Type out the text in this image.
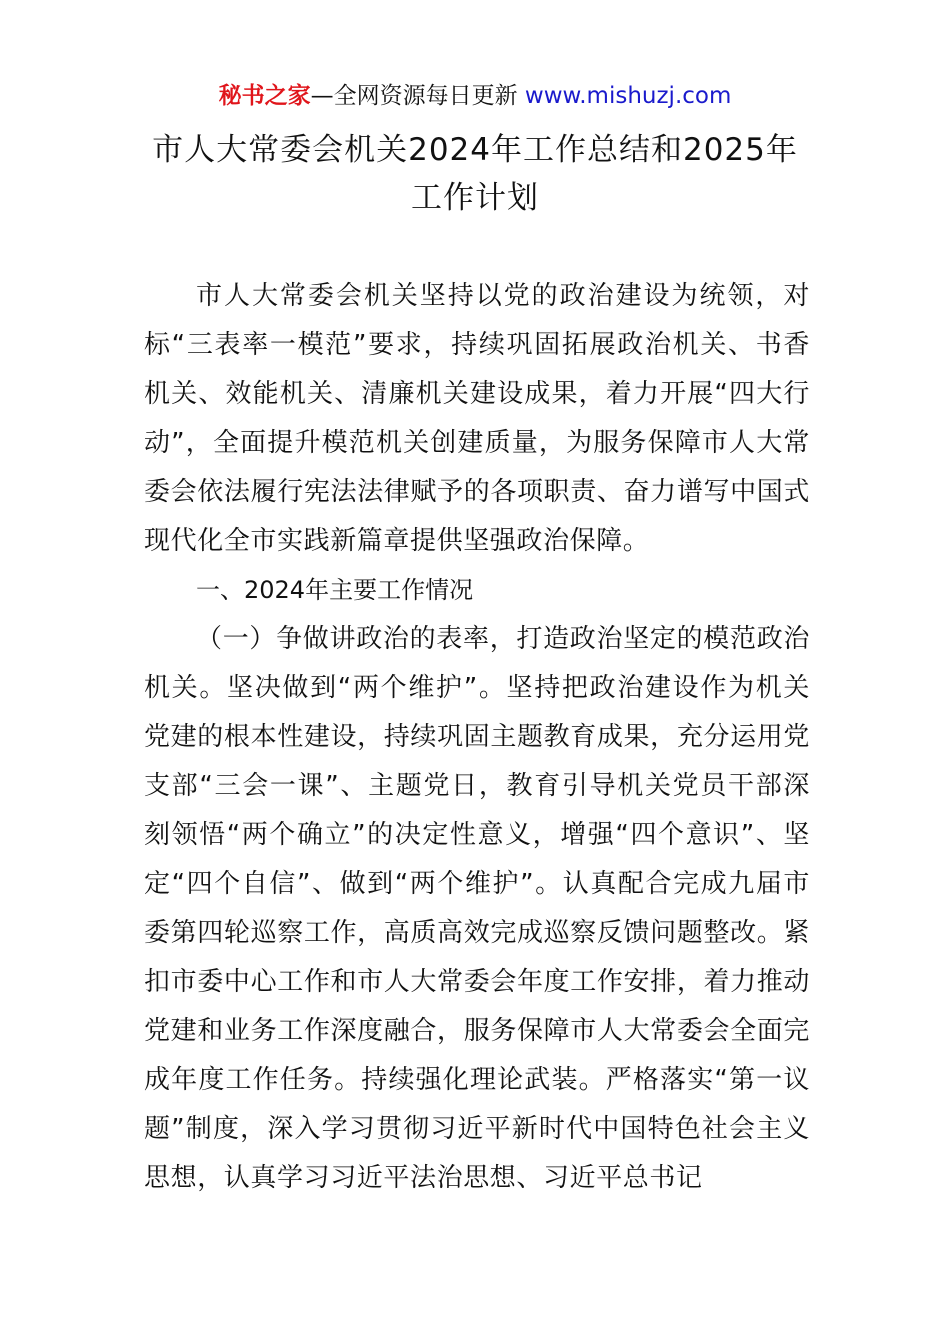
秘书之家—全网资源每日更新 www.mishuzj.com
市人大常委会机关2024年工作总结和2025年工作计划

市人大常委会机关坚持以党的政治建设为统领，对标“三表率一模范”要求，持续巩固拓展政治机关、书香机关、效能机关、清廉机关建设成果，着力开展“四大行动”，全面提升模范机关创建质量，为服务保障市人大常委会依法履行宪法法律赋予的各项职责、奋力谱写中国式现代化全市实践新篇章提供坚强政治保障。

一、2024年主要工作情况

（一）争做讲政治的表率，打造政治坚定的模范政治机关。坚决做到“两个维护”。坚持把政治建设作为机关党建的根本性建设，持续巩固主题教育成果，充分运用党支部“三会一课”、主题党日，教育引导机关党员干部深刻领悟“两个确立”的决定性意义，增强“四个意识”、坚定“四个自信”、做到“两个维护”。认真配合完成九届市委第四轮巡察工作，高质高效完成巡察反馈问题整改。紧扣市委中心工作和市人大常委会年度工作安排，着力推动党建和业务工作深度融合，服务保障市人大常委会全面完成年度工作任务。持续强化理论武装。严格落实“第一议题”制度，深入学习贯彻习近平新时代中国特色社会主义思想，认真学习习近平法治思想、习近平总书记
